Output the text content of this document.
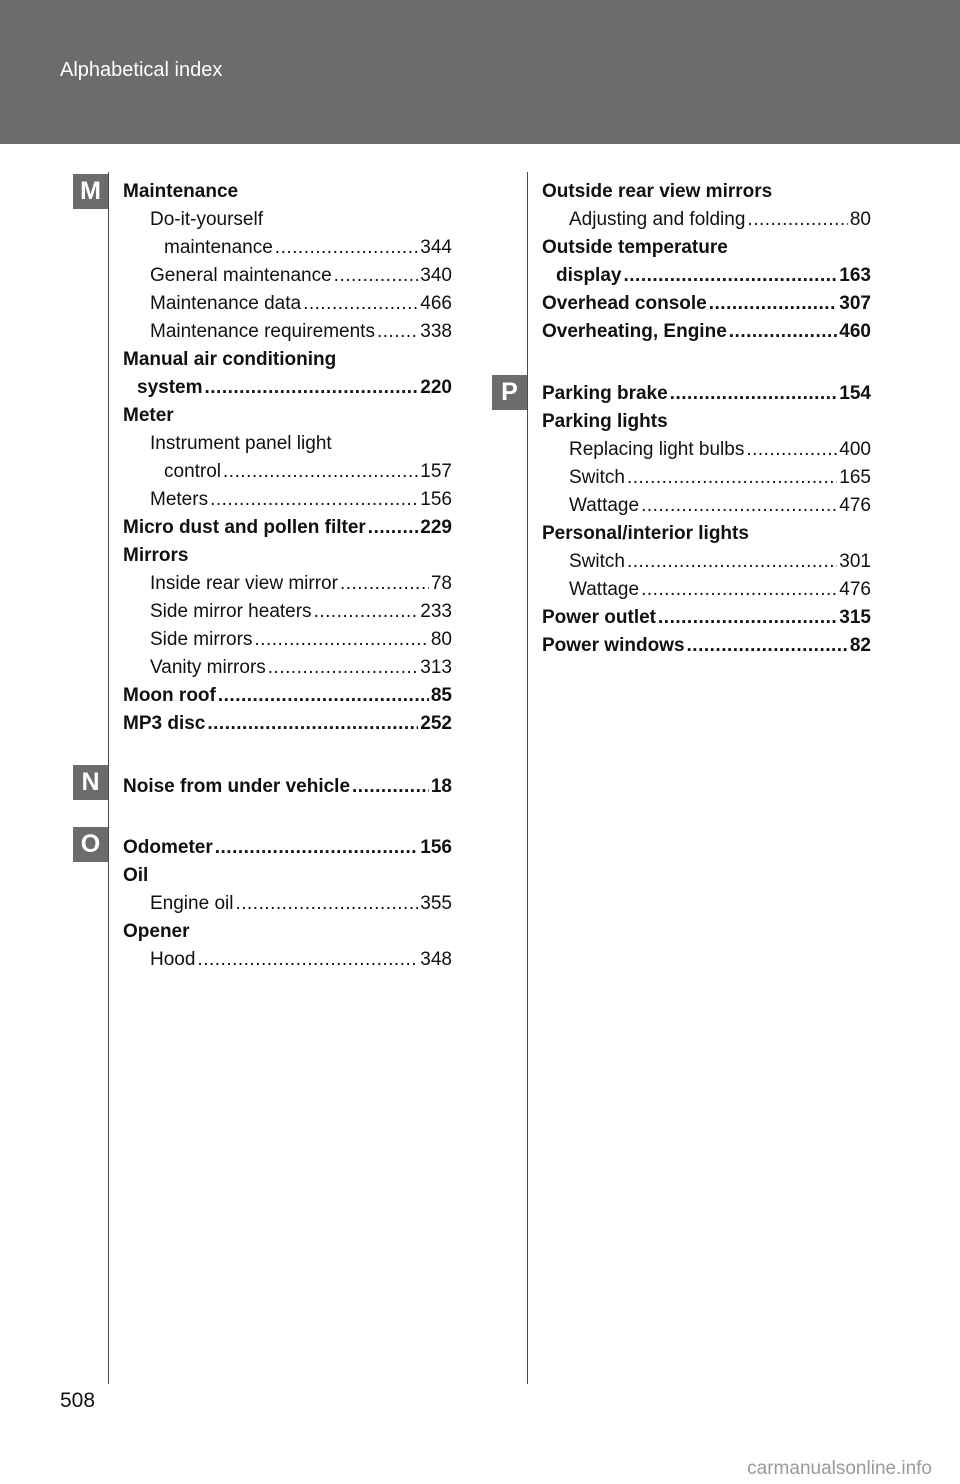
Alphabetical index
M
N
O
P
Maintenance
Do-it-yourself
maintenance .....	344
General maintenance .....	340
Maintenance data .....	466
Maintenance requirements ..... 338
Manual air conditioning
system .....	220
Meter
Instrument panel light
control .....	157
Meters .....	156
Micro dust and pollen filter .....	229
Mirrors
Inside rear view mirror .....	78
Side mirror heaters .....	233
Side mirrors .....	80
Vanity mirrors .....	313
Moon roof .....	85
MP3 disc .....	252
Noise from under vehicle .....	18
Odometer .....	156
Oil
Engine oil .....	355
Opener
Hood .....	348
Outside rear view mirrors
Adjusting and folding .....	80
Outside temperature
display .....	163
Overhead console .....	307
Overheating, Engine .....	460
Parking brake .....	154
Parking lights
Replacing light bulbs .....	400
Switch .....	165
Wattage .....	476
Personal/interior lights
Switch .....	301
Wattage .....	476
Power outlet .....	315
Power windows .....	82
508
carmanualsonline.info
